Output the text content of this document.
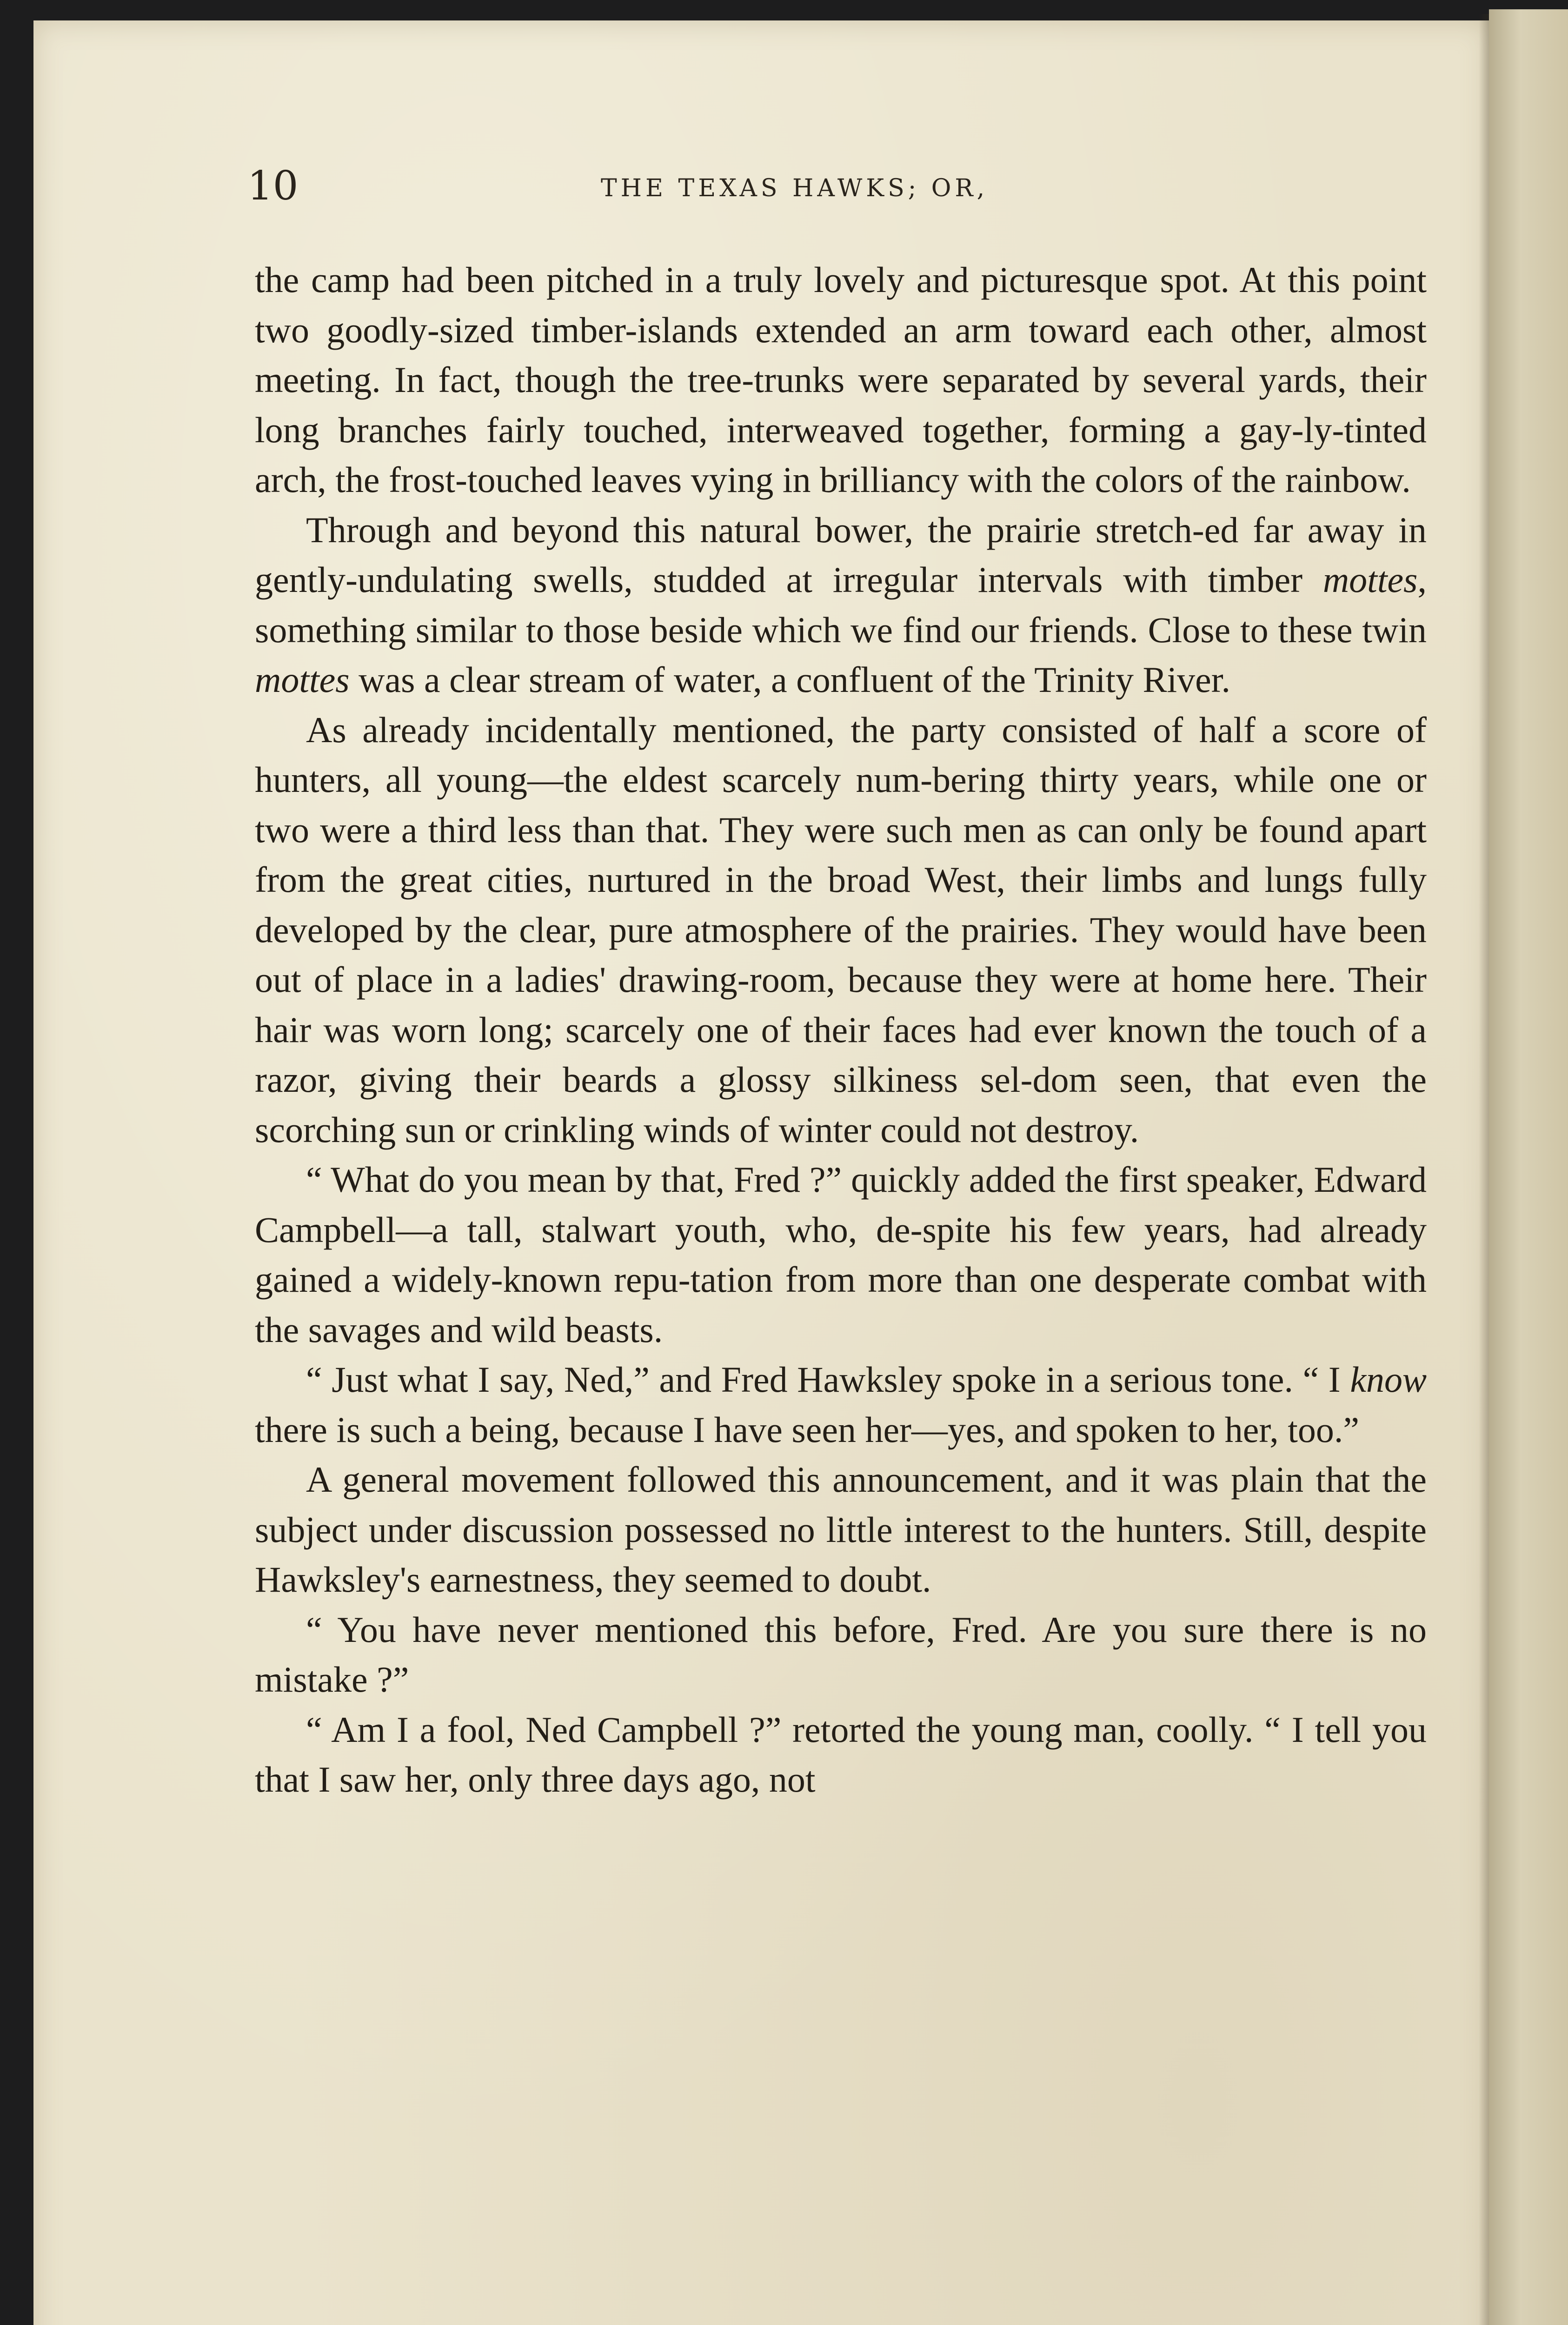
10	THE TEXAS HAWKS; OR,

the camp had been pitched in a truly lovely and picturesque spot. At this point two goodly-sized timber-islands extended an arm toward each other, almost meeting. In fact, though the tree-trunks were separated by several yards, their long branches fairly touched, interweaved together, forming a gay-ly-tinted arch, the frost-touched leaves vying in brilliancy with the colors of the rainbow.

Through and beyond this natural bower, the prairie stretch-ed far away in gently-undulating swells, studded at irregular intervals with timber mottes, something similar to those beside which we find our friends. Close to these twin mottes was a clear stream of water, a confluent of the Trinity River.

As already incidentally mentioned, the party consisted of half a score of hunters, all young—the eldest scarcely num-bering thirty years, while one or two were a third less than that. They were such men as can only be found apart from the great cities, nurtured in the broad West, their limbs and lungs fully developed by the clear, pure atmosphere of the prairies. They would have been out of place in a ladies' drawing-room, because they were at home here. Their hair was worn long; scarcely one of their faces had ever known the touch of a razor, giving their beards a glossy silkiness sel-dom seen, that even the scorching sun or crinkling winds of winter could not destroy.

“ What do you mean by that, Fred ?” quickly added the first speaker, Edward Campbell—a tall, stalwart youth, who, de-spite his few years, had already gained a widely-known repu-tation from more than one desperate combat with the savages and wild beasts.

“ Just what I say, Ned,” and Fred Hawksley spoke in a serious tone. “ I know there is such a being, because I have seen her—yes, and spoken to her, too.”

A general movement followed this announcement, and it was plain that the subject under discussion possessed no little interest to the hunters. Still, despite Hawksley's earnestness, they seemed to doubt.

“ You have never mentioned this before, Fred. Are you sure there is no mistake ?”

“ Am I a fool, Ned Campbell ?” retorted the young man, coolly. “ I tell you that I saw her, only three days ago, not
